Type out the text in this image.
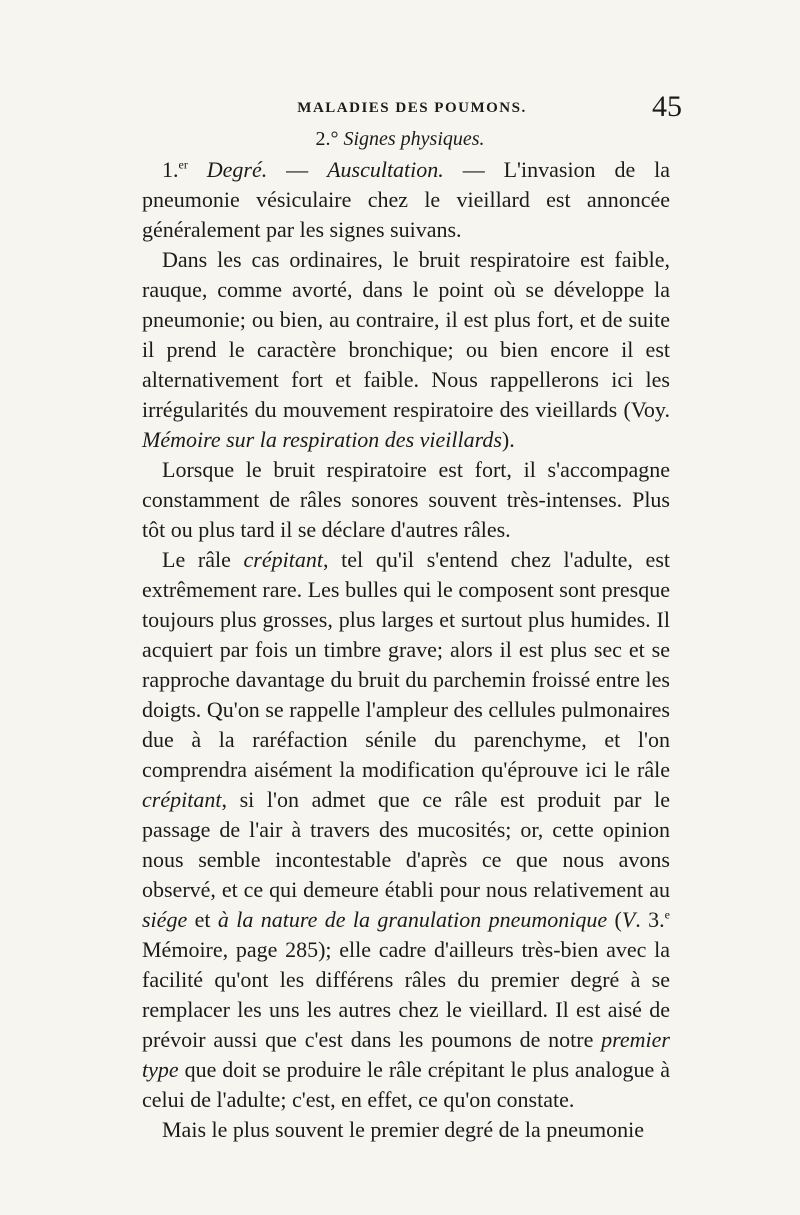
MALADIES DES POUMONS.	45
2.° Signes physiques.

1.$^{er}$ Degré. — Auscultation. — L'invasion de la pneumonie vésiculaire chez le vieillard est annoncée généralement par les signes suivans.

Dans les cas ordinaires, le bruit respiratoire est faible, rauque, comme avorté, dans le point où se développe la pneumonie; ou bien, au contraire, il est plus fort, et de suite il prend le caractère bronchique; ou bien encore il est alternativement fort et faible. Nous rappellerons ici les irrégularités du mouvement respiratoire des vieillards (Voy. Mémoire sur la respiration des vieillards).

Lorsque le bruit respiratoire est fort, il s'accompagne constamment de râles sonores souvent très-intenses. Plus tôt ou plus tard il se déclare d'autres râles.

Le râle crépitant, tel qu'il s'entend chez l'adulte, est extrêmement rare. Les bulles qui le composent sont presque toujours plus grosses, plus larges et surtout plus humides. Il acquiert par fois un timbre grave; alors il est plus sec et se rapproche davantage du bruit du parchemin froissé entre les doigts. Qu'on se rappelle l'ampleur des cellules pulmonaires due à la raréfaction sénile du parenchyme, et l'on comprendra aisément la modification qu'éprouve ici le râle crépitant, si l'on admet que ce râle est produit par le passage de l'air à travers des mucosités; or, cette opinion nous semble incontestable d'après ce que nous avons observé, et ce qui demeure établi pour nous relativement au siége et à la nature de la granulation pneumonique (V. 3.$^e$ Mémoire, page 285); elle cadre d'ailleurs très-bien avec la facilité qu'ont les différens râles du premier degré à se remplacer les uns les autres chez le vieillard. Il est aisé de prévoir aussi que c'est dans les poumons de notre premier type que doit se produire le râle crépitant le plus analogue à celui de l'adulte; c'est, en effet, ce qu'on constate.

Mais le plus souvent le premier degré de la pneumonie
